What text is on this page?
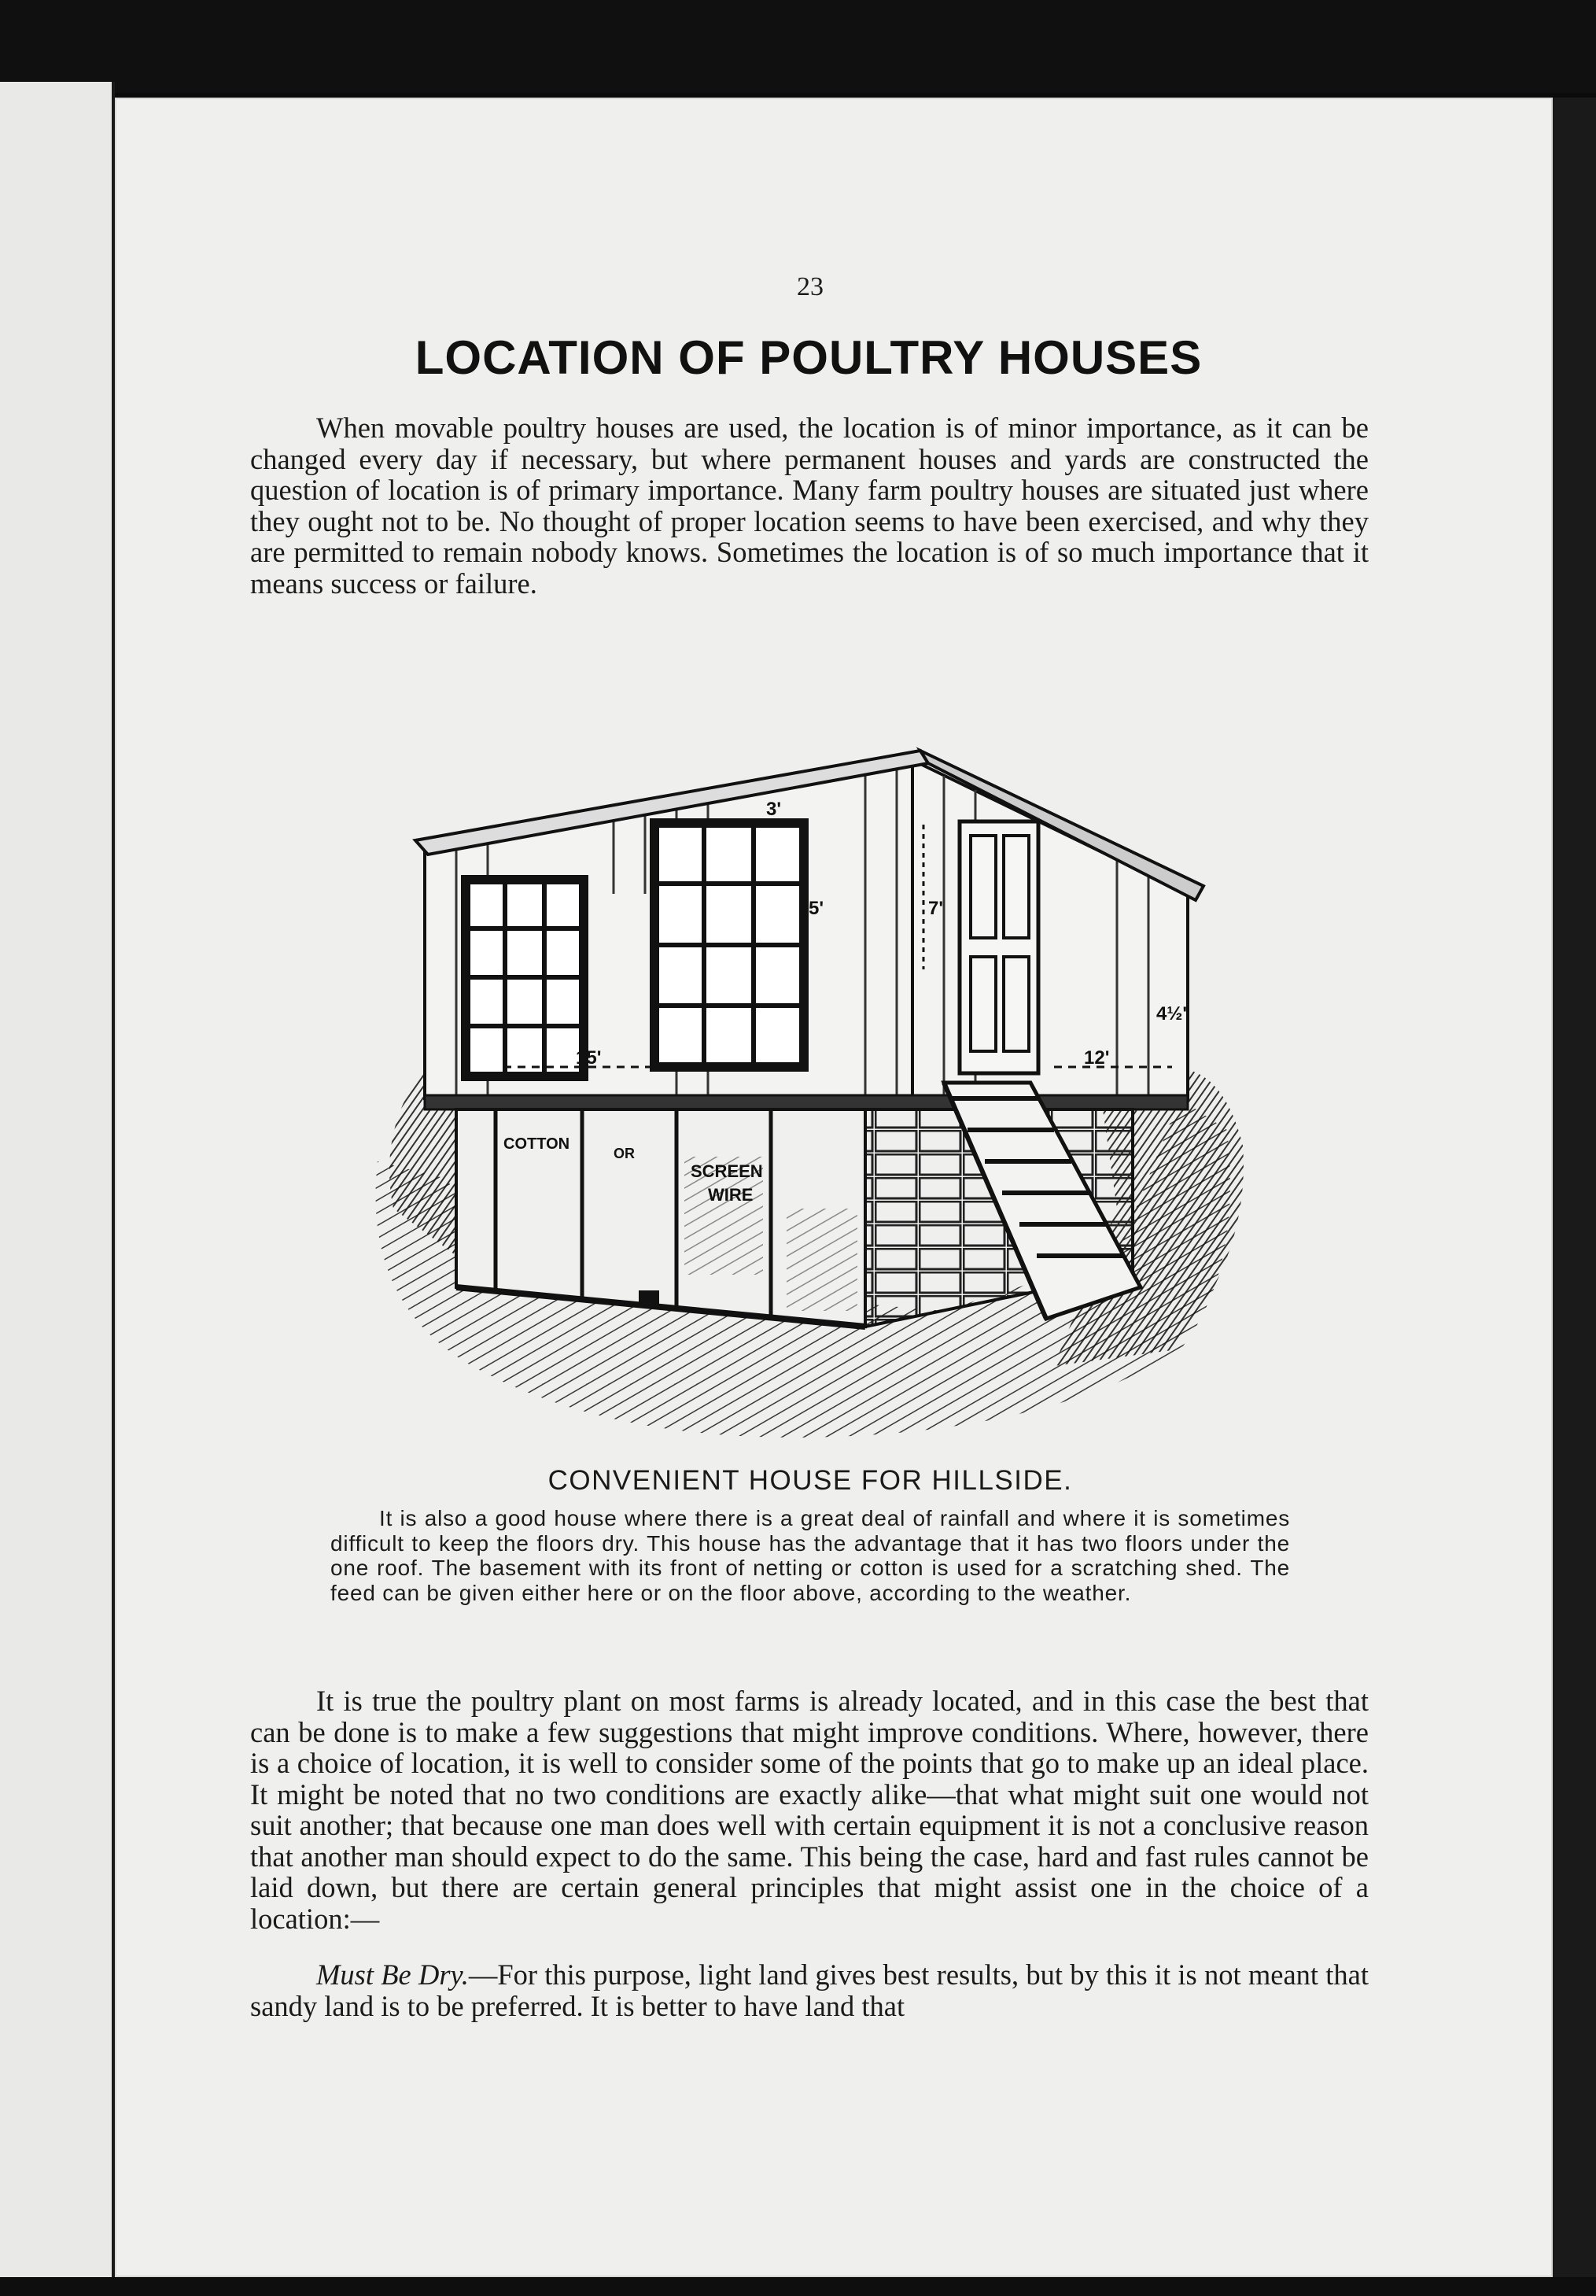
23
LOCATION OF POULTRY HOUSES

When movable poultry houses are used, the location is of minor importance, as it can be changed every day if necessary, but where permanent houses and yards are constructed the question of location is of primary importance. Many farm poultry houses are situated just where they ought not to be. No thought of proper location seems to have been exercised, and why they are permitted to remain nobody knows. Sometimes the location is of so much importance that it means success or failure.

3'
5'	7'
4½'
15'	12'
COTTON
OR
SCREEN
WIRE
CONVENIENT HOUSE FOR HILLSIDE.

It is also a good house where there is a great deal of rainfall and where it is sometimes difficult to keep the floors dry. This house has the advantage that it has two floors under the one roof. The basement with its front of netting or cotton is used for a scratching shed. The feed can be given either here or on the floor above, according to the weather.

It is true the poultry plant on most farms is already located, and in this case the best that can be done is to make a few suggestions that might improve conditions. Where, however, there is a choice of location, it is well to consider some of the points that go to make up an ideal place. It might be noted that no two conditions are exactly alike—that what might suit one would not suit another; that because one man does well with certain equipment it is not a conclusive reason that another man should expect to do the same. This being the case, hard and fast rules cannot be laid down, but there are certain general principles that might assist one in the choice of a location:—

Must Be Dry.—For this purpose, light land gives best results, but by this it is not meant that sandy land is to be preferred. It is better to have land that
